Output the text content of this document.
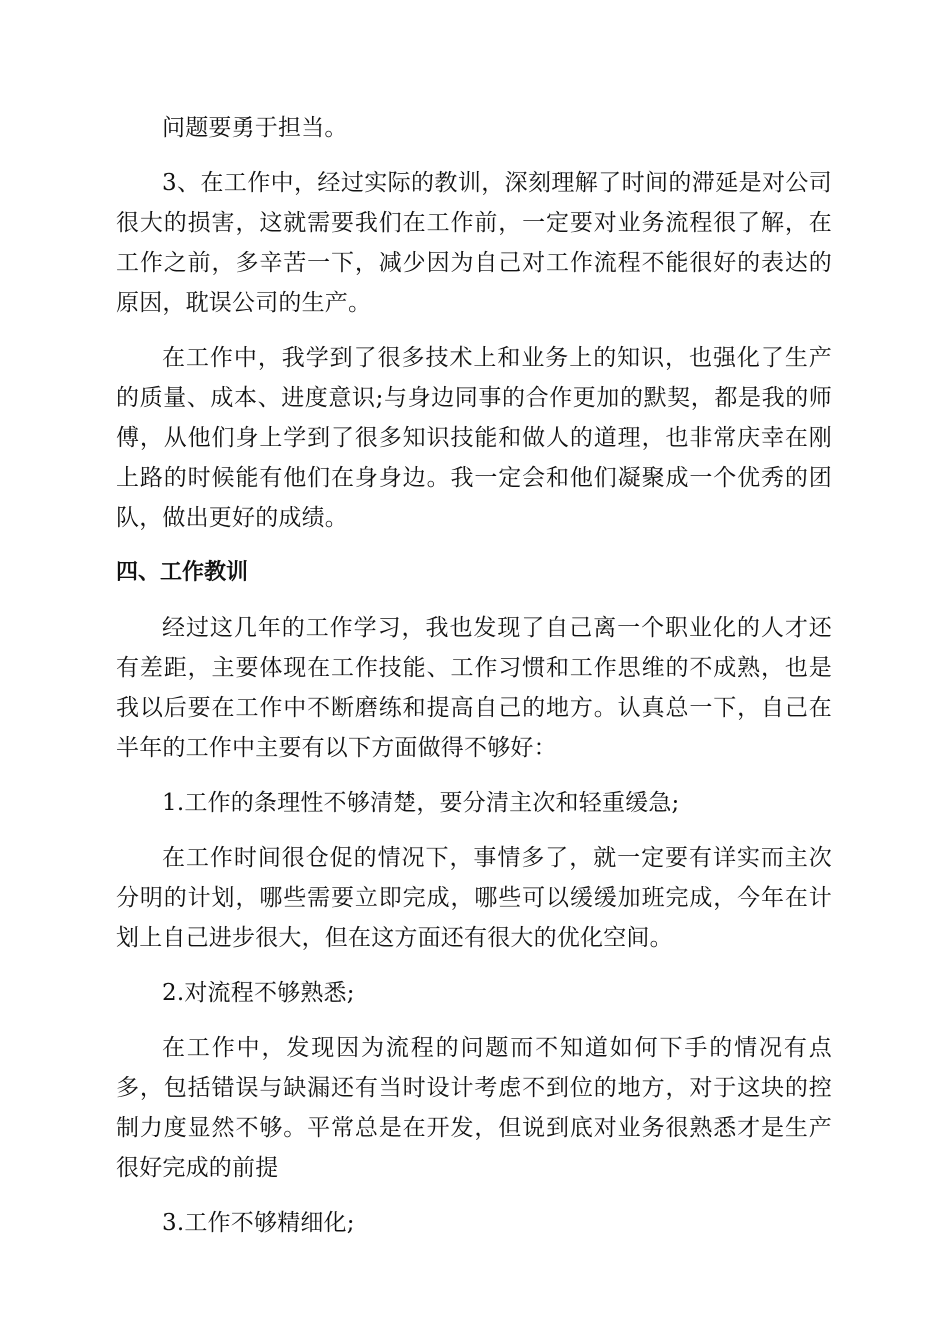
问题要勇于担当。

3、在工作中，经过实际的教训，深刻理解了时间的滞延是对公司很大的损害，这就需要我们在工作前，一定要对业务流程很了解，在工作之前，多辛苦一下，减少因为自己对工作流程不能很好的表达的原因，耽误公司的生产。

在工作中，我学到了很多技术上和业务上的知识，也强化了生产的质量、成本、进度意识;与身边同事的合作更加的默契，都是我的师傅，从他们身上学到了很多知识技能和做人的道理，也非常庆幸在刚上路的时候能有他们在身身边。我一定会和他们凝聚成一个优秀的团队，做出更好的成绩。

四、工作教训

经过这几年的工作学习，我也发现了自己离一个职业化的人才还有差距，主要体现在工作技能、工作习惯和工作思维的不成熟，也是我以后要在工作中不断磨练和提高自己的地方。认真总一下，自己在半年的工作中主要有以下方面做得不够好：

1.工作的条理性不够清楚，要分清主次和轻重缓急;

在工作时间很仓促的情况下，事情多了，就一定要有详实而主次分明的计划，哪些需要立即完成，哪些可以缓缓加班完成，今年在计划上自己进步很大，但在这方面还有很大的优化空间。

2.对流程不够熟悉;

在工作中，发现因为流程的问题而不知道如何下手的情况有点多，包括错误与缺漏还有当时设计考虑不到位的地方，对于这块的控制力度显然不够。平常总是在开发，但说到底对业务很熟悉才是生产很好完成的前提

3.工作不够精细化;
